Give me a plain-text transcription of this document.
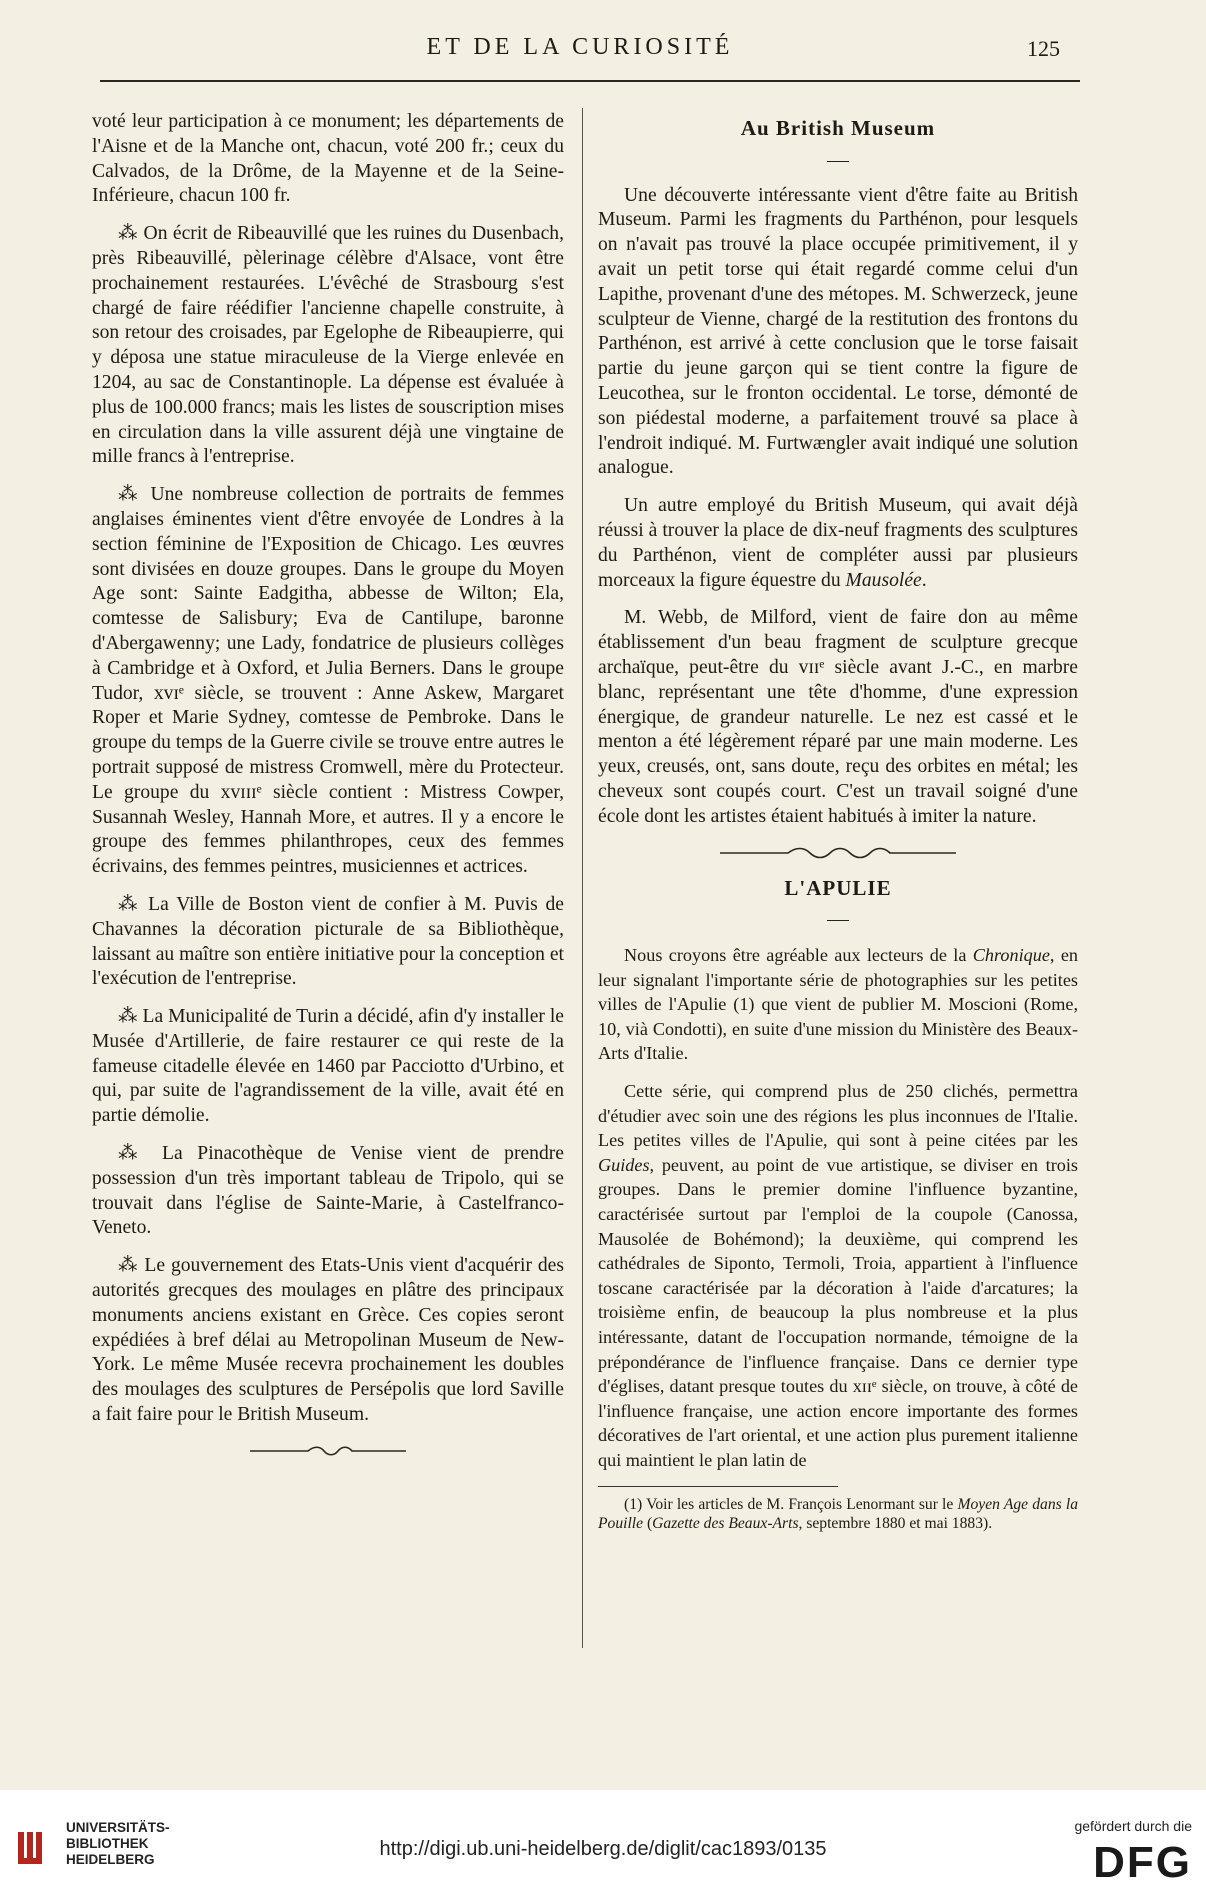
ET DE LA CURIOSITÉ	125

voté leur participation à ce monument; les départements de l'Aisne et de la Manche ont, chacun, voté 200 fr.; ceux du Calvados, de la Drôme, de la Mayenne et de la Seine-Inférieure, chacun 100 fr.

⁂ On écrit de Ribeauvillé que les ruines du Dusenbach, près Ribeauvillé, pèlerinage célèbre d'Alsace, vont être prochainement restaurées. L'évêché de Strasbourg s'est chargé de faire réédifier l'ancienne chapelle construite, à son retour des croisades, par Egelophe de Ribeaupierre, qui y déposa une statue miraculeuse de la Vierge enlevée en 1204, au sac de Constantinople. La dépense est évaluée à plus de 100.000 francs; mais les listes de souscription mises en circulation dans la ville assurent déjà une vingtaine de mille francs à l'entreprise.

⁂ Une nombreuse collection de portraits de femmes anglaises éminentes vient d'être envoyée de Londres à la section féminine de l'Exposition de Chicago. Les œuvres sont divisées en douze groupes. Dans le groupe du Moyen Age sont: Sainte Eadgitha, abbesse de Wilton; Ela, comtesse de Salisbury; Eva de Cantilupe, baronne d'Abergawenny; une Lady, fondatrice de plusieurs collèges à Cambridge et à Oxford, et Julia Berners. Dans le groupe Tudor, xvɪᵉ siècle, se trouvent : Anne Askew, Margaret Roper et Marie Sydney, comtesse de Pembroke. Dans le groupe du temps de la Guerre civile se trouve entre autres le portrait supposé de mistress Cromwell, mère du Protecteur. Le groupe du xvɪɪɪᵉ siècle contient : Mistress Cowper, Susannah Wesley, Hannah More, et autres. Il y a encore le groupe des femmes philanthropes, ceux des femmes écrivains, des femmes peintres, musiciennes et actrices.

⁂ La Ville de Boston vient de confier à M. Puvis de Chavannes la décoration picturale de sa Bibliothèque, laissant au maître son entière initiative pour la conception et l'exécution de l'entreprise.

⁂ La Municipalité de Turin a décidé, afin d'y installer le Musée d'Artillerie, de faire restaurer ce qui reste de la fameuse citadelle élevée en 1460 par Pacciotto d'Urbino, et qui, par suite de l'agrandissement de la ville, avait été en partie démolie.

⁂ La Pinacothèque de Venise vient de prendre possession d'un très important tableau de Tripolo, qui se trouvait dans l'église de Sainte-Marie, à Castelfranco-Veneto.

⁂ Le gouvernement des Etats-Unis vient d'acquérir des autorités grecques des moulages en plâtre des principaux monuments anciens existant en Grèce. Ces copies seront expédiées à bref délai au Metropolinan Museum de New-York. Le même Musée recevra prochainement les doubles des moulages des sculptures de Persépolis que lord Saville a fait faire pour le British Museum.

Au British Museum

Une découverte intéressante vient d'être faite au British Museum. Parmi les fragments du Parthénon, pour lesquels on n'avait pas trouvé la place occupée primitivement, il y avait un petit torse qui était regardé comme celui d'un Lapithe, provenant d'une des métopes. M. Schwerzeck, jeune sculpteur de Vienne, chargé de la restitution des frontons du Parthénon, est arrivé à cette conclusion que le torse faisait partie du jeune garçon qui se tient contre la figure de Leucothea, sur le fronton occidental. Le torse, démonté de son piédestal moderne, a parfaitement trouvé sa place à l'endroit indiqué. M. Furtwængler avait indiqué une solution analogue.

Un autre employé du British Museum, qui avait déjà réussi à trouver la place de dix-neuf fragments des sculptures du Parthénon, vient de compléter aussi par plusieurs morceaux la figure équestre du Mausolée.

M. Webb, de Milford, vient de faire don au même établissement d'un beau fragment de sculpture grecque archaïque, peut-être du vɪɪᵉ siècle avant J.-C., en marbre blanc, représentant une tête d'homme, d'une expression énergique, de grandeur naturelle. Le nez est cassé et le menton a été légèrement réparé par une main moderne. Les yeux, creusés, ont, sans doute, reçu des orbites en métal; les cheveux sont coupés court. C'est un travail soigné d'une école dont les artistes étaient habitués à imiter la nature.

L'APULIE

Nous croyons être agréable aux lecteurs de la Chronique, en leur signalant l'importante série de photographies sur les petites villes de l'Apulie (1) que vient de publier M. Moscioni (Rome, 10, vià Condotti), en suite d'une mission du Ministère des Beaux-Arts d'Italie.

Cette série, qui comprend plus de 250 clichés, permettra d'étudier avec soin une des régions les plus inconnues de l'Italie. Les petites villes de l'Apulie, qui sont à peine citées par les Guides, peuvent, au point de vue artistique, se diviser en trois groupes. Dans le premier domine l'influence byzantine, caractérisée surtout par l'emploi de la coupole (Canossa, Mausolée de Bohémond); la deuxième, qui comprend les cathédrales de Siponto, Termoli, Troia, appartient à l'influence toscane caractérisée par la décoration à l'aide d'arcatures; la troisième enfin, de beaucoup la plus nombreuse et la plus intéressante, datant de l'occupation normande, témoigne de la prépondérance de l'influence française. Dans ce dernier type d'églises, datant presque toutes du xɪɪᵉ siècle, on trouve, à côté de l'influence française, une action encore importante des formes décoratives de l'art oriental, et une action plus purement italienne qui maintient le plan latin de

(1) Voir les articles de M. François Lenormant sur le Moyen Age dans la Pouille (Gazette des Beaux-Arts, septembre 1880 et mai 1883).

UNIVERSITÄTS-
BIBLIOTHEK
HEIDELBERG	http://digi.ub.uni-heidelberg.de/diglit/cac1893/0135
gefördert durch die
DFG
